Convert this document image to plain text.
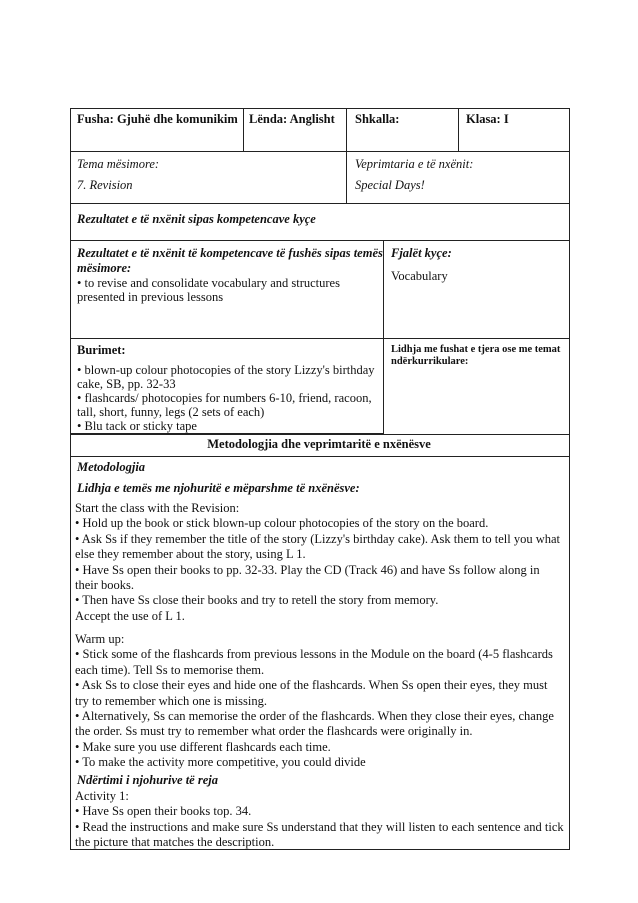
Fusha: Gjuhë dhe komunikim Lënda: Anglisht Shkalla:	Klasa: I
Tema mësimore:
7. Revision
Veprimtaria e të nxënit:
Special Days!
Rezultatet e të nxënit sipas kompetencave kyçe
Rezultatet e të nxënit të kompetencave të fushës sipas temës
mësimore:
• to revise and consolidate vocabulary and structures
presented in previous lessons
Fjalët kyçe:
Vocabulary
Burimet:
• blown-up colour photocopies of the story Lizzy's birthday
cake, SB, pp. 32-33
• flashcards/ photocopies for numbers 6-10, friend, racoon,
tall, short, funny, legs (2 sets of each)
• Blu tack or sticky tape
Lidhja me fushat e tjera ose me temat
ndërkurrikulare:
Metodologjia dhe veprimtaritë e nxënësve
Metodologjia
Lidhja e temës me njohuritë e mëparshme të nxënësve:

Start the class with the Revision:

• Hold up the book or stick blown-up colour photocopies of the story on the board.

• Ask Ss if they remember the title of the story (Lizzy's birthday cake). Ask them to tell you what

else they remember about the story, using L 1.

• Have Ss open their books to pp. 32-33. Play the CD (Track 46) and have Ss follow along in

their books.

• Then have Ss close their books and try to retell the story from memory.

Accept the use of L 1.

Warm up:

• Stick some of the flashcards from previous lessons in the Module on the board (4-5 flashcards

each time). Tell Ss to memorise them.

• Ask Ss to close their eyes and hide one of the flashcards. When Ss open their eyes, they must

try to remember which one is missing.

• Alternatively, Ss can memorise the order of the flashcards. When they close their eyes, change

the order. Ss must try to remember what order the flashcards were originally in.

• Make sure you use different flashcards each time.

• To make the activity more competitive, you could divide

Ndërtimi i njohurive të reja

Activity 1:

• Have Ss open their books top. 34.

• Read the instructions and make sure Ss understand that they will listen to each sentence and tick

the picture that matches the description.
